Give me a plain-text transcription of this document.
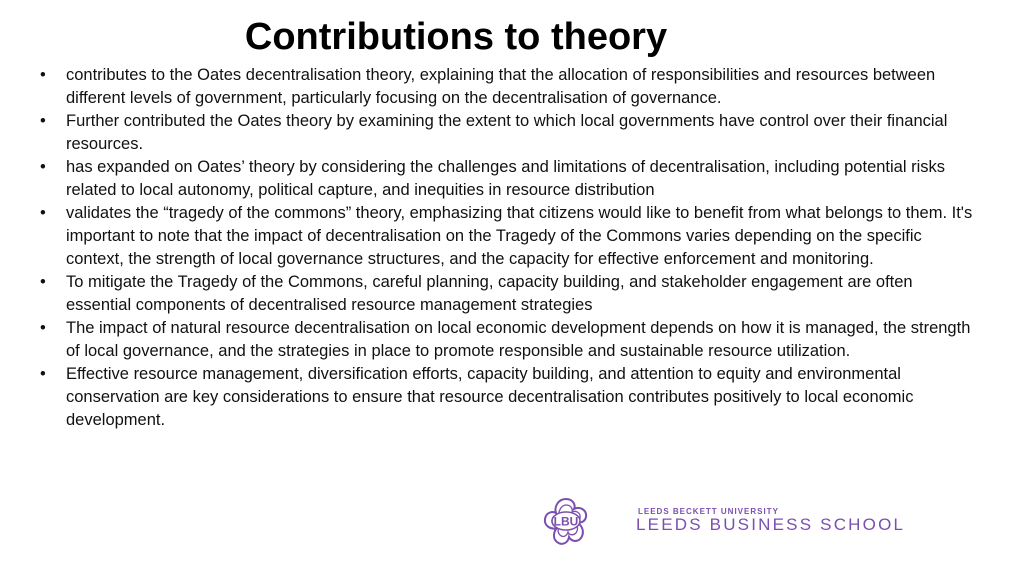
Contributions to theory
•	contributes to the Oates decentralisation theory, explaining that the allocation of responsibilities and resources between different levels of government, particularly focusing on the decentralisation of governance.
•	Further contributed the Oates theory by examining the extent to which local governments have control over their financial resources.
•	has expanded on Oates’ theory by considering the challenges and limitations of decentralisation, including potential risks related to local autonomy, political capture, and inequities in resource distribution
•	validates the “tragedy of the commons” theory, emphasizing that citizens would like to benefit from what belongs to them. It's important to note that the impact of decentralisation on the Tragedy of the Commons varies depending on the specific context, the strength of local governance structures, and the capacity for effective enforcement and monitoring.
•	To mitigate the Tragedy of the Commons, careful planning, capacity building, and stakeholder engagement are often essential components of decentralised resource management strategies
•	The impact of natural resource decentralisation on local economic development depends on how it is managed, the strength of local governance, and the strategies in place to promote responsible and sustainable resource utilization.
•	Effective resource management, diversification efforts, capacity building, and attention to equity and environmental conservation are key considerations to ensure that resource decentralisation contributes positively to local economic development.
LBU
LEEDS BECKETT UNIVERSITY
LEEDS BUSINESS SCHOOL
